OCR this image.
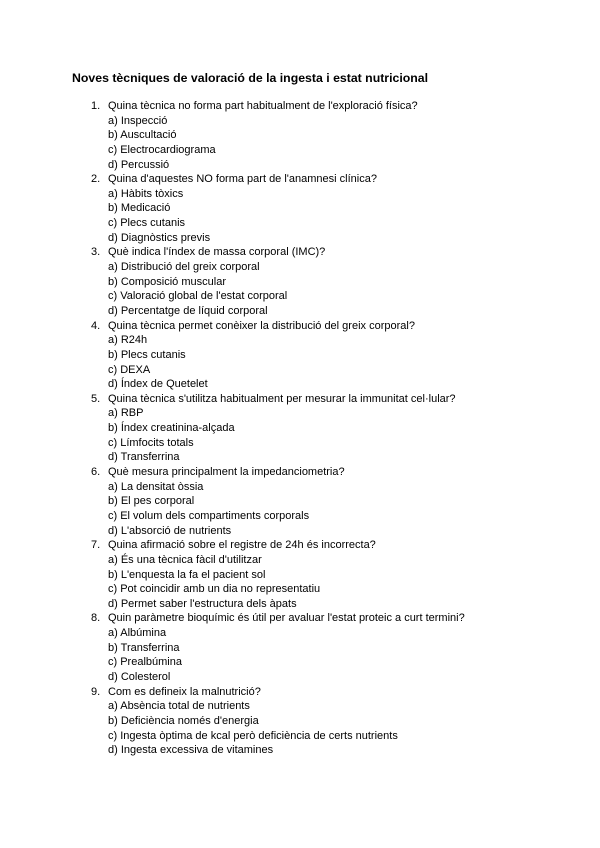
Noves tècniques de valoració de la ingesta i estat nutricional
1. Quina tècnica no forma part habitualment de l'exploració física?
a) Inspecció
b) Auscultació
c) Electrocardiograma
d) Percussió
2. Quina d'aquestes NO forma part de l'anamnesi clínica?
a) Hàbits tòxics
b) Medicació
c) Plecs cutanis
d) Diagnòstics previs
3. Què indica l'índex de massa corporal (IMC)?
a) Distribució del greix corporal
b) Composició muscular
c) Valoració global de l'estat corporal
d) Percentatge de líquid corporal
4. Quina tècnica permet conèixer la distribució del greix corporal?
a) R24h
b) Plecs cutanis
c) DEXA
d) Índex de Quetelet
5. Quina tècnica s'utilitza habitualment per mesurar la immunitat cel·lular?
a) RBP
b) Índex creatinina-alçada
c) Límfocits totals
d) Transferrina
6. Què mesura principalment la impedanciometria?
a) La densitat òssia
b) El pes corporal
c) El volum dels compartiments corporals
d) L'absorció de nutrients
7. Quina afirmació sobre el registre de 24h és incorrecta?
a) És una tècnica fàcil d'utilitzar
b) L'enquesta la fa el pacient sol
c) Pot coincidir amb un dia no representatiu
d) Permet saber l'estructura dels àpats
8. Quin paràmetre bioquímic és útil per avaluar l'estat proteic a curt termini?
a) Albúmina
b) Transferrina
c) Prealbúmina
d) Colesterol
9. Com es defineix la malnutrició?
a) Absència total de nutrients
b) Deficiència només d'energia
c) Ingesta òptima de kcal però deficiència de certs nutrients
d) Ingesta excessiva de vitamines
